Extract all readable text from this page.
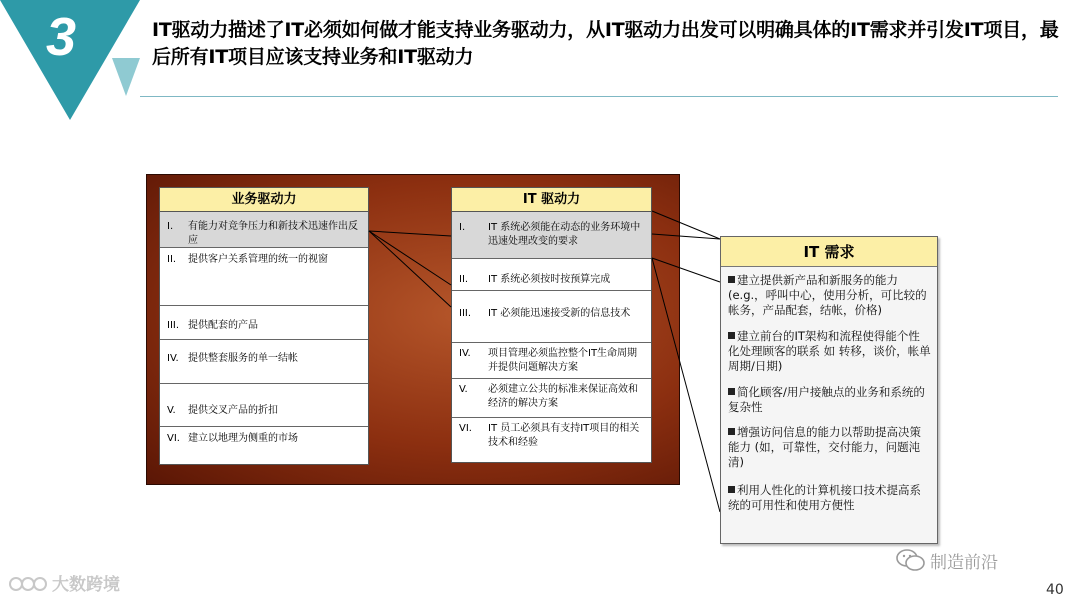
3	IT驱动力描述了IT必须如何做才能支持业务驱动力，从IT驱动力出发可以明确具体的IT需求并引发IT项目，最后所有IT项目应该支持业务和IT驱动力
业务驱动力
I.	有能力对竞争压力和新技术迅速作出反应
II.	提供客户关系管理的统一的视窗
III. 提供配套的产品
IV. 提供整套服务的单一结帐
V.	提供交叉产品的折扣
VI. 建立以地理为侧重的市场
IT 驱动力
I.	IT 系统必须能在动态的业务环境中迅速处理改变的要求
II.	IT 系统必须按时按预算完成
III.	IT 必须能迅速接受新的信息技术
IV.	项目管理必须监控整个IT生命周期并提供问题解决方案
V.	必须建立公共的标准来保证高效和经济的解决方案
VI.	IT 员工必须具有支持IT项目的相关技术和经验
IT 需求
建立提供新产品和新服务的能力 (e.g.，呼叫中心，使用分析，可比较的帐务，产品配套，结帐，价格)
建立前台的IT架构和流程使得能个性化处理顾客的联系 如 转移，谈价，帐单周期/日期)
简化顾客/用户接触点的业务和系统的复杂性
增强访问信息的能力以帮助提高决策能力 (如，可靠性，交付能力，问题沌清)
利用人性化的计算机接口技术提高系统的可用性和使用方便性
大数跨境
制造前沿
40
